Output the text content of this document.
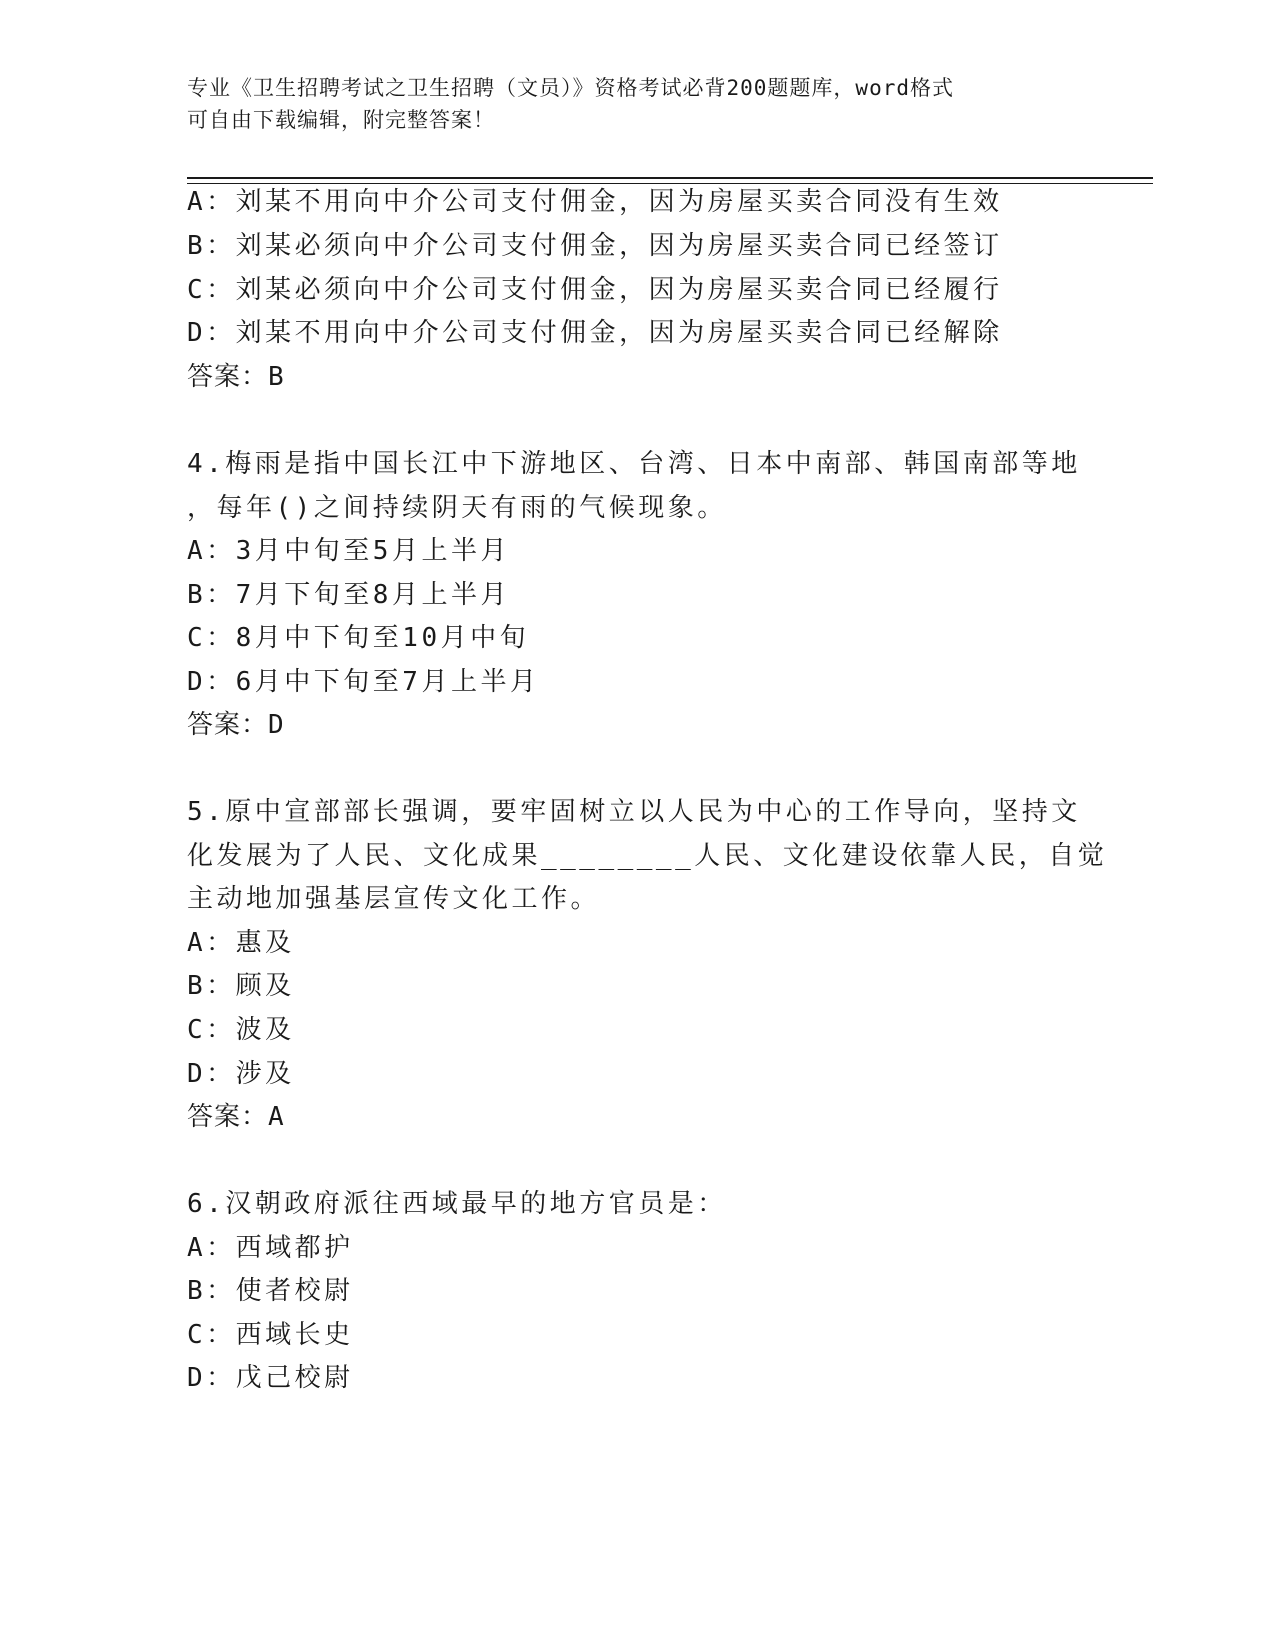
专业《卫生招聘考试之卫生招聘（文员）》资格考试必背200题题库，word格式
可自由下载编辑，附完整答案！
A：刘某不用向中介公司支付佣金，因为房屋买卖合同没有生效
B：刘某必须向中介公司支付佣金，因为房屋买卖合同已经签订
C：刘某必须向中介公司支付佣金，因为房屋买卖合同已经履行
D：刘某不用向中介公司支付佣金，因为房屋买卖合同已经解除
答案：B
4.梅雨是指中国长江中下游地区、台湾、日本中南部、韩国南部等地
，每年()之间持续阴天有雨的气候现象。
A：3月中旬至5月上半月
B：7月下旬至8月上半月
C：8月中下旬至10月中旬
D：6月中下旬至7月上半月
答案：D
5.原中宣部部长强调，要牢固树立以人民为中心的工作导向，坚持文
化发展为了人民、文化成果________人民、文化建设依靠人民，自觉
主动地加强基层宣传文化工作。
A：惠及
B：顾及
C：波及
D：涉及
答案：A
6.汉朝政府派往西域最早的地方官员是：
A：西域都护
B：使者校尉
C：西域长史
D：戊己校尉
